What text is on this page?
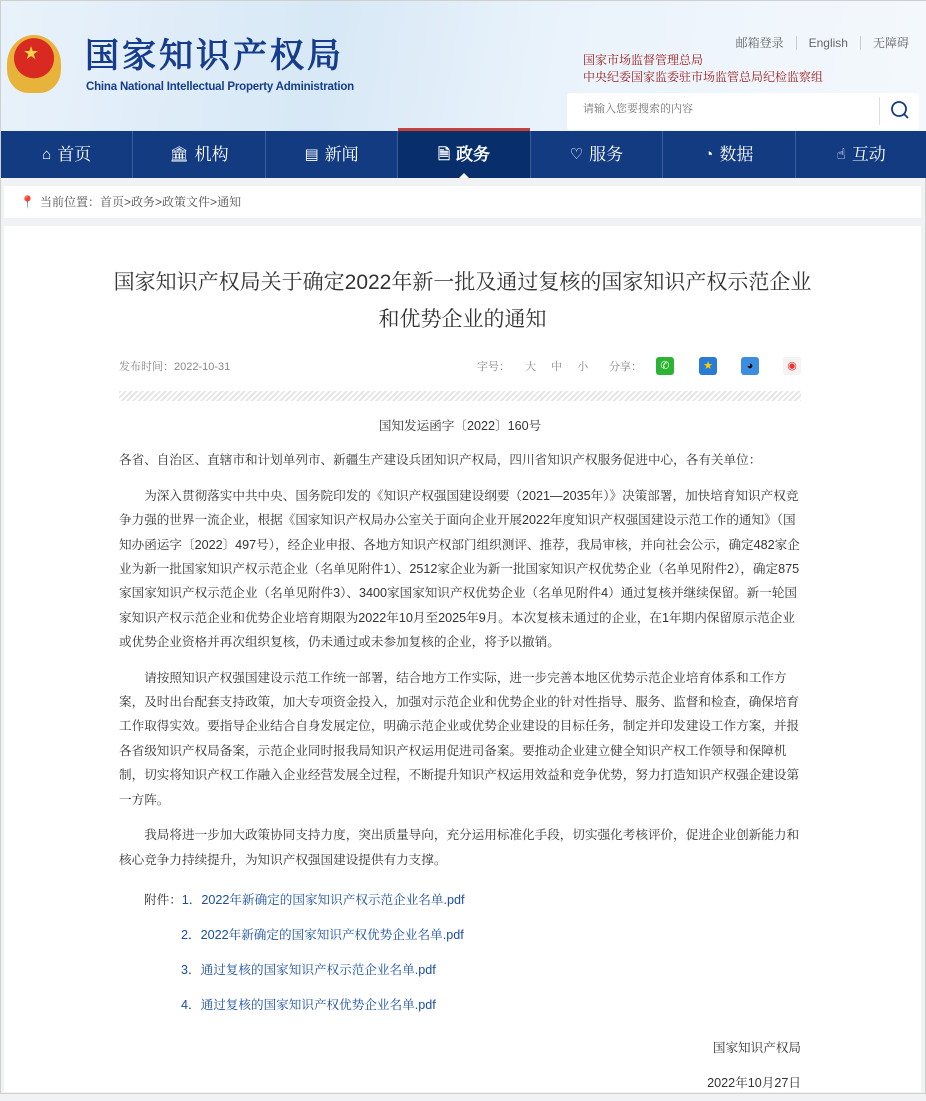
★ 国家知识产权局
China National Intellectual Property Administration
邮箱登录	English	无障碍
国家市场监督管理总局
中央纪委国家监委驻市场监管总局纪检监察组
请输入您要搜索的内容
⌂ 首页	🏛 机构	▤ 新闻	🗎 政务	♡ 服务	◔ 数据	☝ 互动
📍 当前位置： 首页 > 政务 > 政策文件 > 通知
国家知识产权局关于确定2022年新一批及通过复核的国家知识产权示范企业和优势企业的通知
发布时间：2022-10-31	字号： 大 中 小 分享：	✆	★	◕	◉
国知发运函字〔2022〕160号

各省、自治区、直辖市和计划单列市、新疆生产建设兵团知识产权局，四川省知识产权服务促进中心，各有关单位：

为深入贯彻落实中共中央、国务院印发的《知识产权强国建设纲要（2021—2035年）》决策部署，加快培育知识产权竞争力强的世界一流企业，根据《国家知识产权局办公室关于面向企业开展2022年度知识产权强国建设示范工作的通知》（国知办函运字〔2022〕497号），经企业申报、各地方知识产权部门组织测评、推荐，我局审核，并向社会公示，确定482家企业为新一批国家知识产权示范企业（名单见附件1）、2512家企业为新一批国家知识产权优势企业（名单见附件2），确定875家国家知识产权示范企业（名单见附件3）、3400家国家知识产权优势企业（名单见附件4）通过复核并继续保留。新一轮国家知识产权示范企业和优势企业培育期限为2022年10月至2025年9月。本次复核未通过的企业，在1年期内保留原示范企业或优势企业资格并再次组织复核，仍未通过或未参加复核的企业，将予以撤销。

请按照知识产权强国建设示范工作统一部署，结合地方工作实际，进一步完善本地区优势示范企业培育体系和工作方案，及时出台配套支持政策，加大专项资金投入，加强对示范企业和优势企业的针对性指导、服务、监督和检查，确保培育工作取得实效。要指导企业结合自身发展定位，明确示范企业或优势企业建设的目标任务，制定并印发建设工作方案，并报各省级知识产权局备案，示范企业同时报我局知识产权运用促进司备案。要推动企业建立健全知识产权工作领导和保障机制，切实将知识产权工作融入企业经营发展全过程，不断提升知识产权运用效益和竞争优势，努力打造知识产权强企建设第一方阵。

我局将进一步加大政策协同支持力度，突出质量导向，充分运用标准化手段，切实强化考核评价，促进企业创新能力和核心竞争力持续提升，为知识产权强国建设提供有力支撑。

附件：1．2022年新确定的国家知识产权示范企业名单.pdf
2．2022年新确定的国家知识产权优势企业名单.pdf
3．通过复核的国家知识产权示范企业名单.pdf
4．通过复核的国家知识产权优势企业名单.pdf
国家知识产权局
2022年10月27日
